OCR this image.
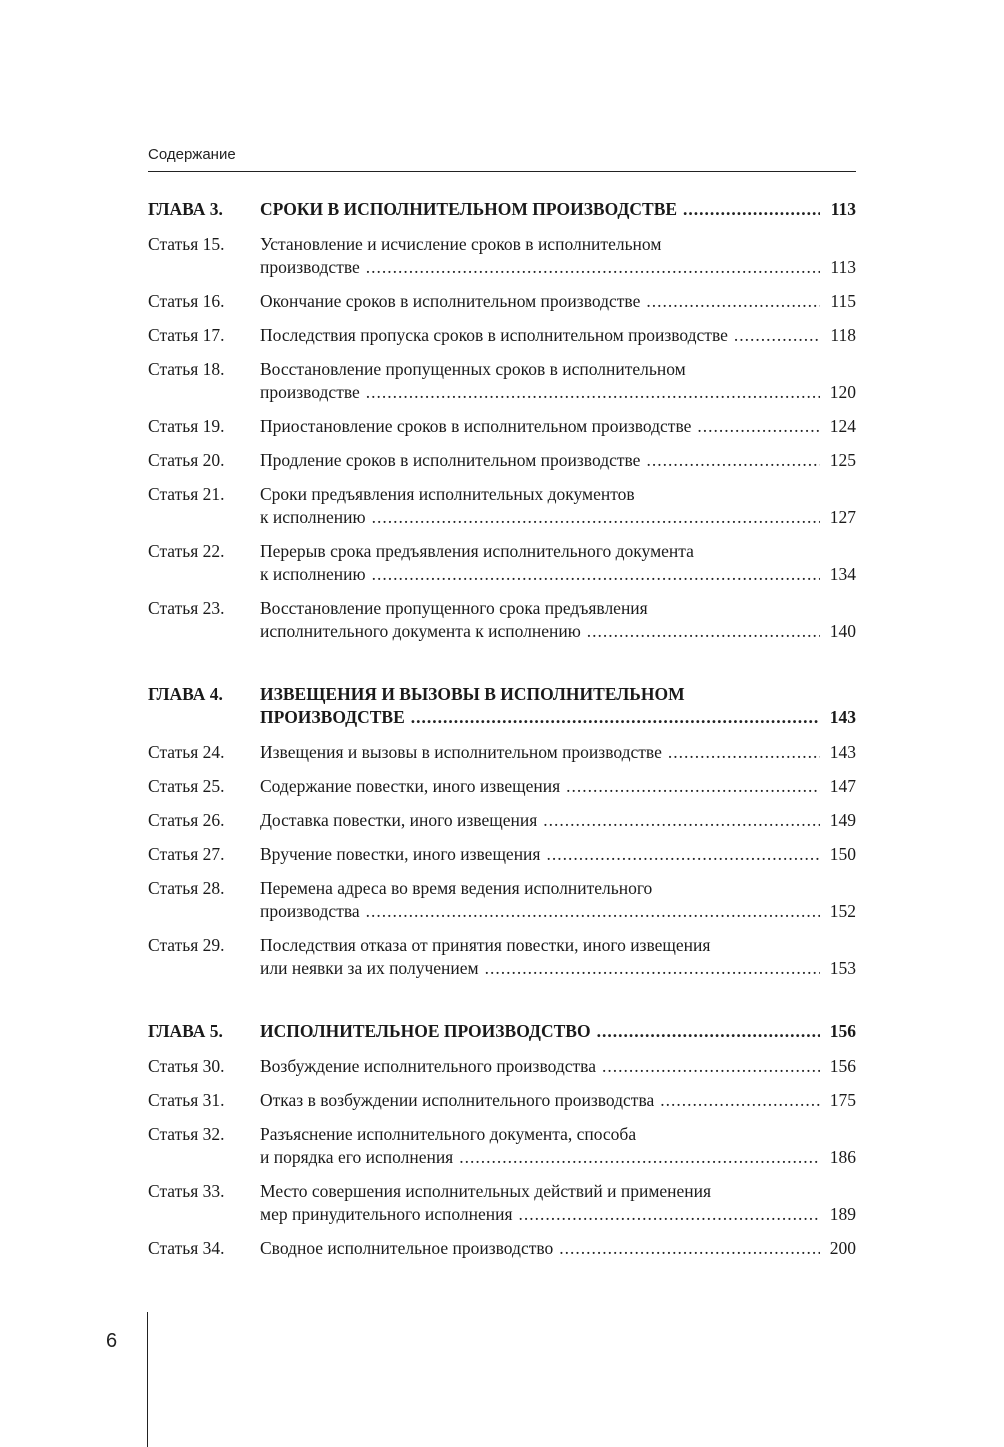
Содержание
ГЛАВА 3. СРОКИ В ИСПОЛНИТЕЛЬНОМ ПРОИЗВОДСТВЕ .....	113
Статья 15. Установление и исчисление сроков в исполнительном
производстве .....	113
Статья 16. Окончание сроков в исполнительном производстве .....	115
Статья 17. Последствия пропуска сроков в исполнительном производстве .....	118
Статья 18. Восстановление пропущенных сроков в исполнительном
производстве .....	120
Статья 19. Приостановление сроков в исполнительном производстве .....	124
Статья 20. Продление сроков в исполнительном производстве .....	125
Статья 21. Сроки предъявления исполнительных документов
к исполнению .....	127
Статья 22. Перерыв срока предъявления исполнительного документа
к исполнению .....	134
Статья 23. Восстановление пропущенного срока предъявления
исполнительного документа к исполнению .....	140
ГЛАВА 4. ИЗВЕЩЕНИЯ И ВЫЗОВЫ В ИСПОЛНИТЕЛЬНОМ
ПРОИЗВОДСТВЕ .....	143
Статья 24. Извещения и вызовы в исполнительном производстве .....	143
Статья 25. Содержание повестки, иного извещения .....	147
Статья 26. Доставка повестки, иного извещения .....	149
Статья 27. Вручение повестки, иного извещения .....	150
Статья 28. Перемена адреса во время ведения исполнительного
производства .....	152
Статья 29. Последствия отказа от принятия повестки, иного извещения
или неявки за их получением .....	153
ГЛАВА 5. ИСПОЛНИТЕЛЬНОЕ ПРОИЗВОДСТВО .....	156
Статья 30. Возбуждение исполнительного производства .....	156
Статья 31. Отказ в возбуждении исполнительного производства .....	175
Статья 32. Разъяснение исполнительного документа, способа
и порядка его исполнения .....	186
Статья 33. Место совершения исполнительных действий и применения
мер принудительного исполнения .....	189
Статья 34. Сводное исполнительное производство .....	200
6
